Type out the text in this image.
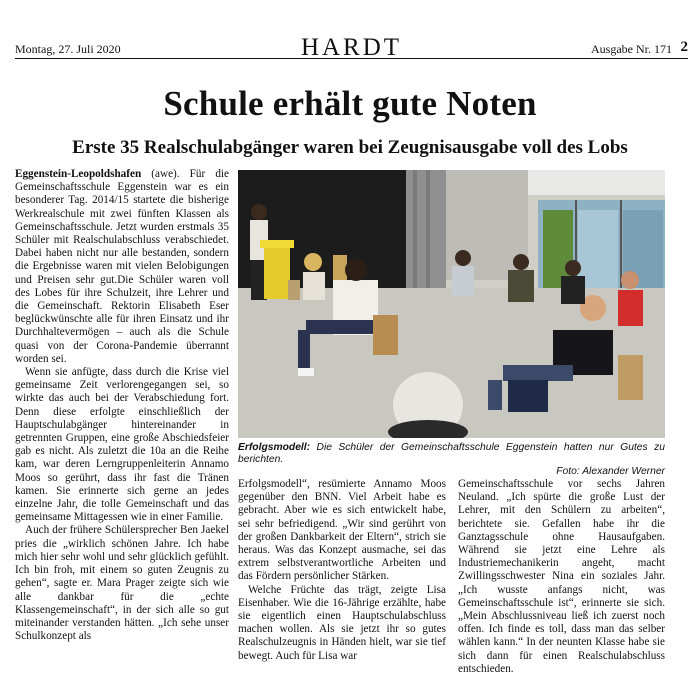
Montag, 27. Juli 2020	HARDT	Ausgabe Nr. 171 2
Schule erhält gute Noten
Erste 35 Realschulabgänger waren bei Zeugnisausgabe voll des Lobs

Eggenstein-Leopoldshafen (awe). Für die Gemeinschaftsschule Eggenstein war es ein besonderer Tag. 2014/15 startete die bisherige Werkrealschule mit zwei fünften Klassen als Gemeinschaftsschule. Jetzt wurden erstmals 35 Schüler mit Realschulabschluss verabschiedet. Dabei haben nicht nur alle bestanden, sondern die Ergebnisse waren mit vielen Belobigungen und Preisen sehr gut.Die Schüler waren voll des Lobes für ihre Schulzeit, ihre Lehrer und die Gemeinschaft. Rektorin Elisabeth Eser beglückwünschte alle für ihren Einsatz und ihr Durchhaltevermögen – auch als die Schule quasi von der Corona-Pandemie überrannt worden sei.

Wenn sie anfügte, dass durch die Krise viel gemeinsame Zeit verlorengegangen sei, so wirkte das auch bei der Verabschiedung fort. Denn diese erfolgte einschließlich der Hauptschulabgänger hintereinander in getrennten Gruppen, eine große Abschiedsfeier gab es nicht. Als zuletzt die 10a an die Reihe kam, war deren Lerngruppenleiterin Annamo Moos so gerührt, dass ihr fast die Tränen kamen. Sie erinnerte sich gerne an jedes einzelne Jahr, die tolle Gemeinschaft und das gemeinsame Mittagessen wie in einer Familie.

Auch der frühere Schülersprecher Ben Jaekel pries die „wirklich schönen Jahre. Ich habe mich hier sehr wohl und sehr glücklich gefühlt. Ich bin froh, mit einem so guten Zeugnis zu gehen“, sagte er. Mara Prager zeigte sich wie alle dankbar für die „echte Klassengemeinschaft“, in der sich alle so gut miteinander verstanden hätten. „Ich sehe unser Schulkonzept als

Erfolgsmodell: Die Schüler der Gemeinschaftsschule Eggenstein hatten nur Gutes zu berichten.
Foto: Alexander Werner

Erfolgsmodell“, resümierte Annamo Moos gegenüber den BNN. Viel Arbeit habe es gebracht. Aber wie es sich entwickelt habe, sei sehr befriedigend. „Wir sind gerührt von der großen Dankbarkeit der Eltern“, strich sie heraus. Was das Konzept ausmache, sei das extrem selbstverantwortliche Arbeiten und das Fördern persönlicher Stärken.

Welche Früchte das trägt, zeigte Lisa Eisenhaber. Wie die 16-Jährige erzählte, habe sie eigentlich einen Hauptschulabschluss machen wollen. Als sie jetzt ihr so gutes Realschulzeugnis in Händen hielt, war sie tief bewegt. Auch für Lisa war

Gemeinschaftsschule vor sechs Jahren Neuland. „Ich spürte die große Lust der Lehrer, mit den Schülern zu arbeiten“, berichtete sie. Gefallen habe ihr die Ganztagsschule ohne Hausaufgaben. Während sie jetzt eine Lehre als Industriemechanikerin angeht, macht Zwillingsschwester Nina ein soziales Jahr. „Ich wusste anfangs nicht, was Gemeinschaftsschule ist“, erinnerte sie sich. „Mein Abschlussniveau ließ ich zuerst noch offen. Ich finde es toll, dass man das selber wählen kann.“ In der neunten Klasse habe sie sich dann für einen Realschulabschluss entschieden.
